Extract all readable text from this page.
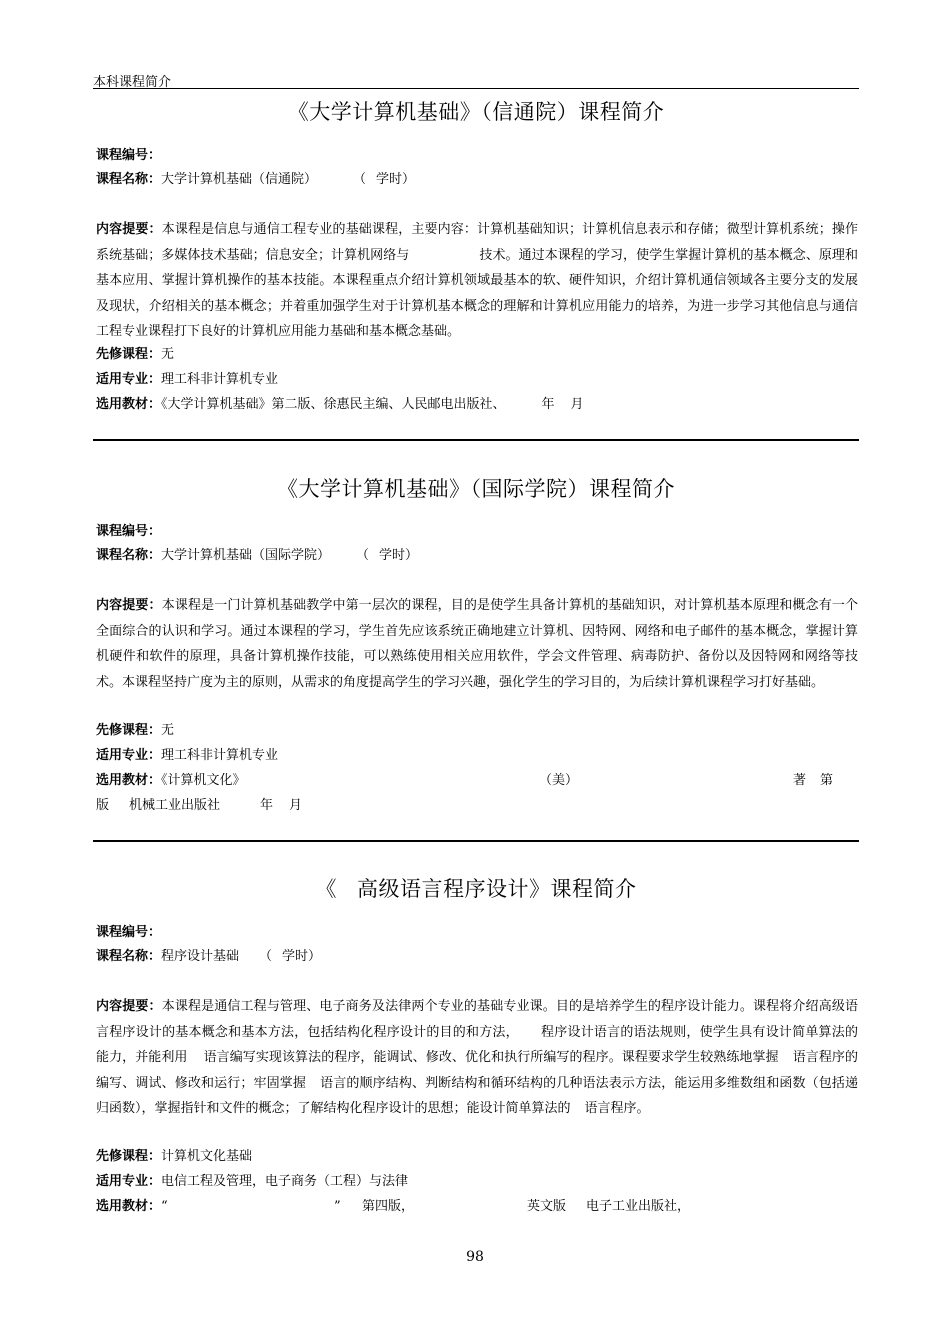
本科课程简介
《大学计算机基础》（信通院）课程简介
课程编号：
课程名称：大学计算机基础（信通院）	（ 学时）
内容提要：本课程是信息与通信工程专业的基础课程，主要内容：计算机基础知识；计算机信息表示和存储；微型计算机系统；操作系统基础；多媒体技术基础；信息安全；计算机网络与	技术。通过本课程的学习，使学生掌握计算机的基本概念、原理和基本应用、掌握计算机操作的基本技能。本课程重点介绍计算机领域最基本的软、硬件知识，介绍计算机通信领域各主要分支的发展及现状，介绍相关的基本概念；并着重加强学生对于计算机基本概念的理解和计算机应用能力的培养，为进一步学习其他信息与通信工程专业课程打下良好的计算机应用能力基础和基本概念基础。
先修课程：无
适用专业：理工科非计算机专业
选用教材：《大学计算机基础》第二版、徐惠民主编、人民邮电出版社、	年 月
《大学计算机基础》（国际学院）课程简介
课程编号：
课程名称：大学计算机基础（国际学院） （ 学时）
内容提要：本课程是一门计算机基础教学中第一层次的课程，目的是使学生具备计算机的基础知识，对计算机基本原理和概念有一个全面综合的认识和学习。通过本课程的学习，学生首先应该系统正确地建立计算机、因特网、网络和电子邮件的基本概念，掌握计算机硬件和软件的原理，具备计算机操作技能，可以熟练使用相关应用软件，学会文件管理、病毒防护、备份以及因特网和网络等技术。本课程坚持广度为主的原则，从需求的角度提高学生的学习兴趣，强化学生的学习目的，为后续计算机课程学习打好基础。
先修课程：无
适用专业：理工科非计算机专业
选用教材：《计算机文化》	（美）	著 第
版 机械工业出版社	年 月
《 高级语言程序设计》课程简介
课程编号：
课程名称：程序设计基础 （ 学时）
内容提要：本课程是通信工程与管理、电子商务及法律两个专业的基础专业课。目的是培养学生的程序设计能力。课程将介绍高级语言程序设计的基本概念和基本方法，包括结构化程序设计的目的和方法， 程序设计语言的语法规则，使学生具有设计简单算法的能力，并能利用 语言编写实现该算法的程序，能调试、修改、优化和执行所编写的程序。课程要求学生较熟练地掌握 语言程序的编写、调试、修改和运行；牢固掌握 语言的顺序结构、判断结构和循环结构的几种语法表示方法，能运用多维数组和函数（包括递归函数），掌握指针和文件的概念；了解结构化程序设计的思想；能设计简单算法的 语言程序。
先修课程：计算机文化基础
适用专业：电信工程及管理，电子商务（工程）与法律
选用教材：“	” 第四版，	英文版 电子工业出版社，
98
